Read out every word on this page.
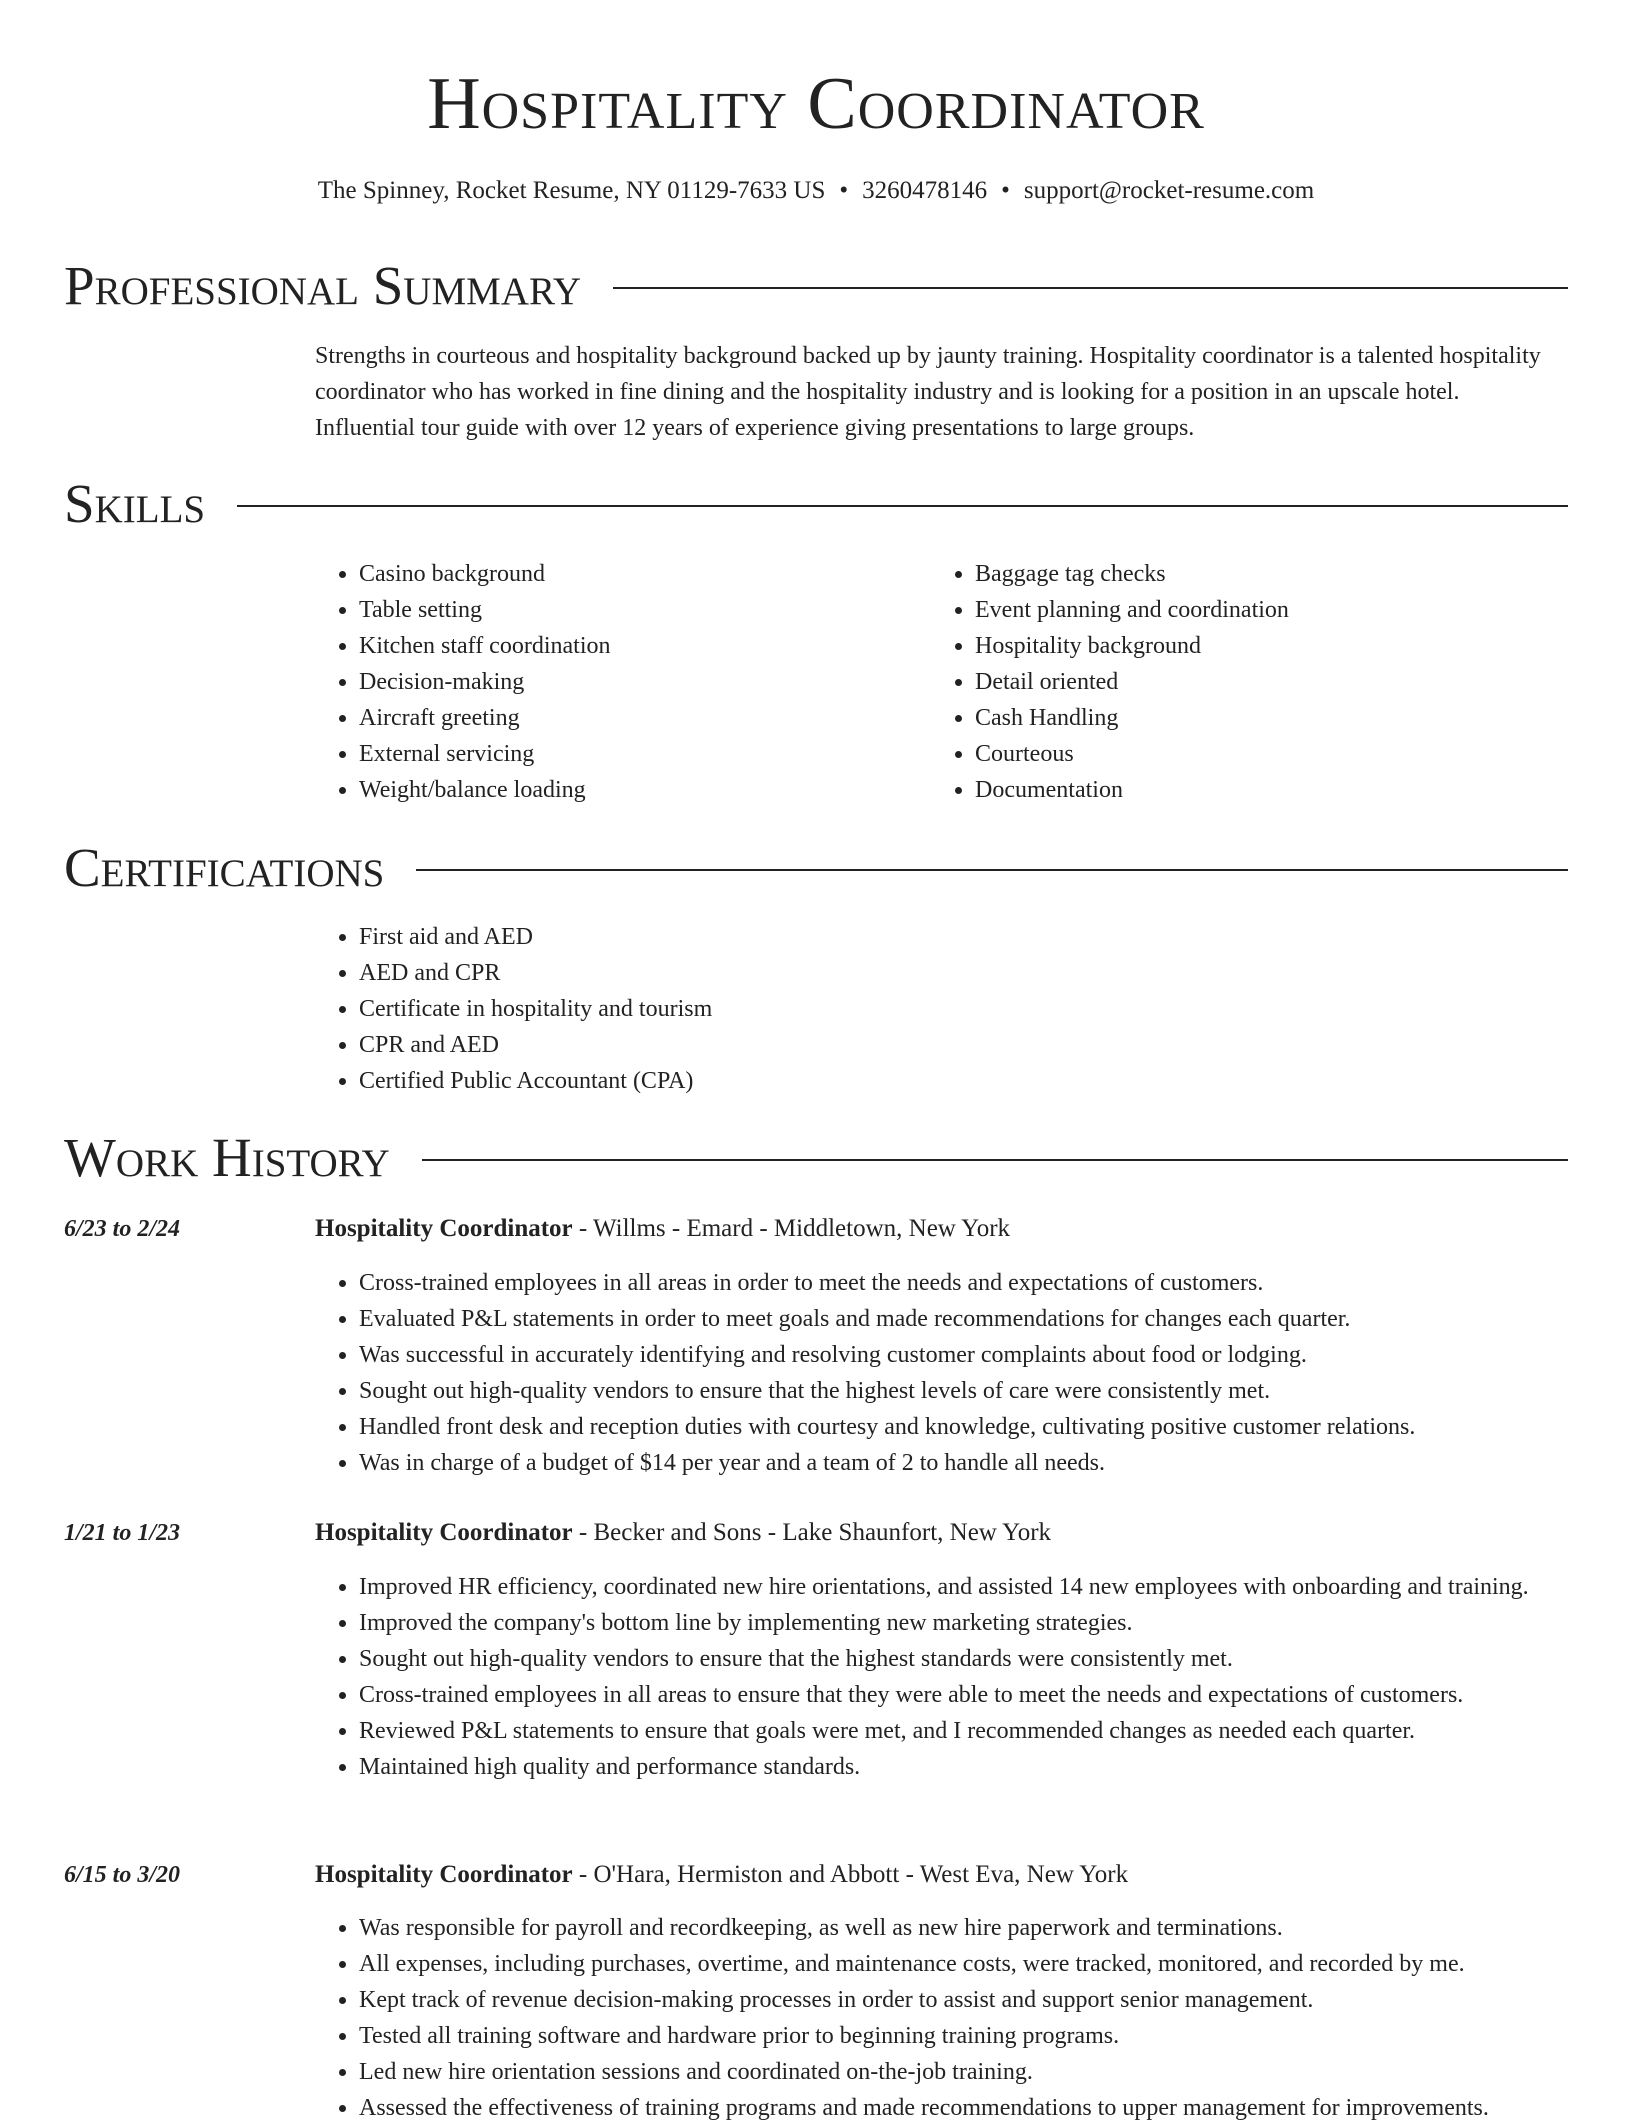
Hospitality Coordinator
The Spinney, Rocket Resume, NY 01129-7633 US • 3260478146 • support@rocket-resume.com
Professional Summary
Strengths in courteous and hospitality background backed up by jaunty training. Hospitality coordinator is a talented hospitality coordinator who has worked in fine dining and the hospitality industry and is looking for a position in an upscale hotel. Influential tour guide with over 12 years of experience giving presentations to large groups.
Skills
• Casino background
• Table setting
• Kitchen staff coordination
• Decision-making
• Aircraft greeting
• External servicing
• Weight/balance loading
• Baggage tag checks
• Event planning and coordination
• Hospitality background
• Detail oriented
• Cash Handling
• Courteous
• Documentation
Certifications
• First aid and AED
• AED and CPR
• Certificate in hospitality and tourism
• CPR and AED
• Certified Public Accountant (CPA)
Work History
6/23 to 2/24	Hospitality Coordinator - Willms - Emard - Middletown, New York
• Cross-trained employees in all areas in order to meet the needs and expectations of customers.
• Evaluated P&L statements in order to meet goals and made recommendations for changes each quarter.
• Was successful in accurately identifying and resolving customer complaints about food or lodging.
• Sought out high-quality vendors to ensure that the highest levels of care were consistently met.
• Handled front desk and reception duties with courtesy and knowledge, cultivating positive customer relations.
• Was in charge of a budget of $14 per year and a team of 2 to handle all needs.
1/21 to 1/23	Hospitality Coordinator - Becker and Sons - Lake Shaunfort, New York
• Improved HR efficiency, coordinated new hire orientations, and assisted 14 new employees with onboarding and training.
• Improved the company's bottom line by implementing new marketing strategies.
• Sought out high-quality vendors to ensure that the highest standards were consistently met.
• Cross-trained employees in all areas to ensure that they were able to meet the needs and expectations of customers.
• Reviewed P&L statements to ensure that goals were met, and I recommended changes as needed each quarter.
• Maintained high quality and performance standards.
6/15 to 3/20	Hospitality Coordinator - O'Hara, Hermiston and Abbott - West Eva, New York
• Was responsible for payroll and recordkeeping, as well as new hire paperwork and terminations.
• All expenses, including purchases, overtime, and maintenance costs, were tracked, monitored, and recorded by me.
• Kept track of revenue decision-making processes in order to assist and support senior management.
• Tested all training software and hardware prior to beginning training programs.
• Led new hire orientation sessions and coordinated on-the-job training.
• Assessed the effectiveness of training programs and made recommendations to upper management for improvements.
